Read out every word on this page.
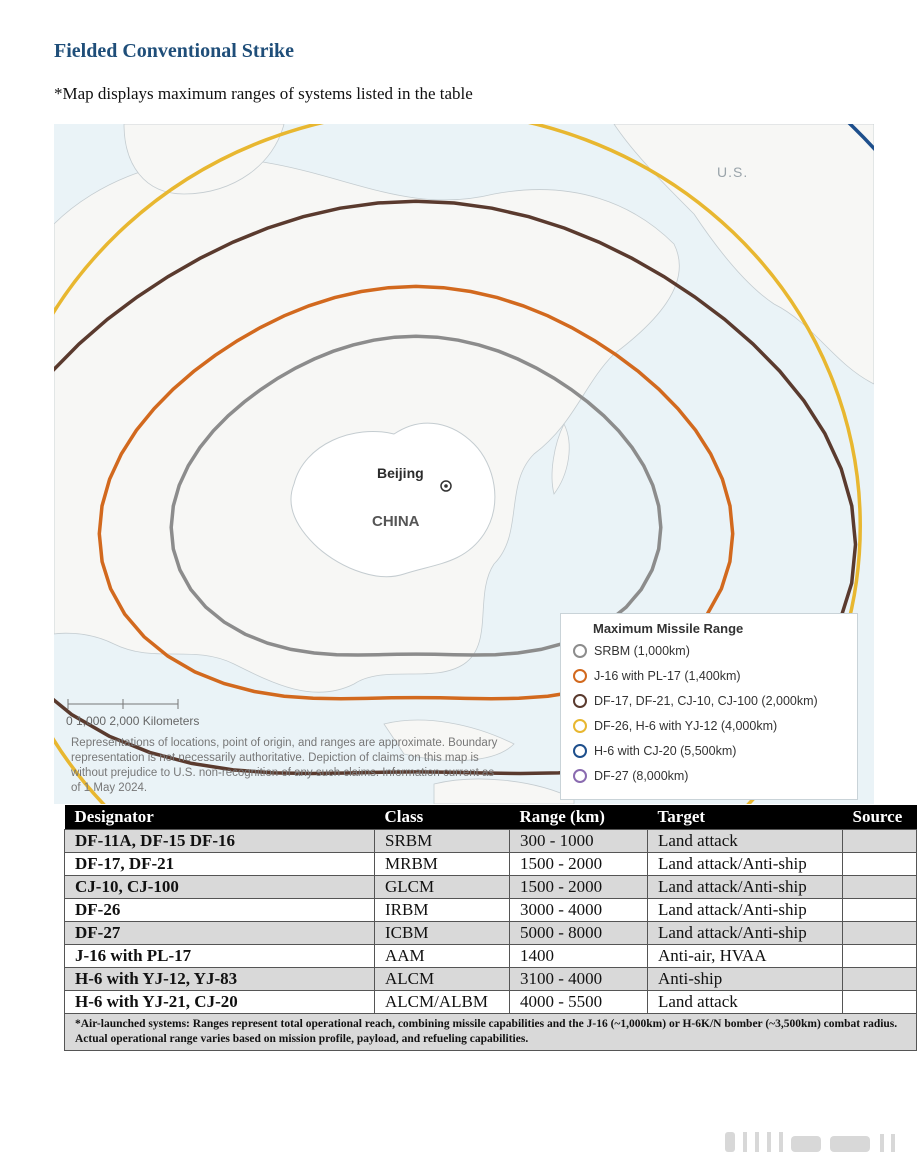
Fielded Conventional Strike
*Map displays maximum ranges of systems listed in the table
U.S.
Beijing
CHINA
0 1,000 2,000 Kilometers
Representations of locations, point of origin, and ranges are approximate. Boundary representation is not necessarily authoritative. Depiction of claims on this map is without prejudice to U.S. non-recognition of any such claims. Information current as of 1 May 2024.
Maximum Missile Range
SRBM (1,000km)
J-16 with PL-17 (1,400km)
DF-17, DF-21, CJ-10, CJ-100 (2,000km)
DF-26, H-6 with YJ-12 (4,000km)
H-6 with CJ-20 (5,500km)
DF-27 (8,000km)
Designator	Class	Range (km)	Target	Source
DF-11A, DF-15 DF-16	SRBM	300 - 1000	Land attack	
DF-17, DF-21	MRBM	1500 - 2000	Land attack/Anti-ship	
CJ-10, CJ-100	GLCM	1500 - 2000	Land attack/Anti-ship	
DF-26	IRBM	3000 - 4000	Land attack/Anti-ship	
DF-27	ICBM	5000 - 8000	Land attack/Anti-ship	
J-16 with PL-17	AAM	1400	Anti-air, HVAA	
H-6 with YJ-12, YJ-83	ALCM	3100 - 4000	Anti-ship	
H-6 with YJ-21, CJ-20	ALCM/ALBM	4000 - 5500	Land attack	
*Air-launched systems: Ranges represent total operational reach, combining missile capabilities and the J-16 (~1,000km) or H-6K/N bomber (~3,500km) combat radius. Actual operational range varies based on mission profile, payload, and refueling capabilities.				
